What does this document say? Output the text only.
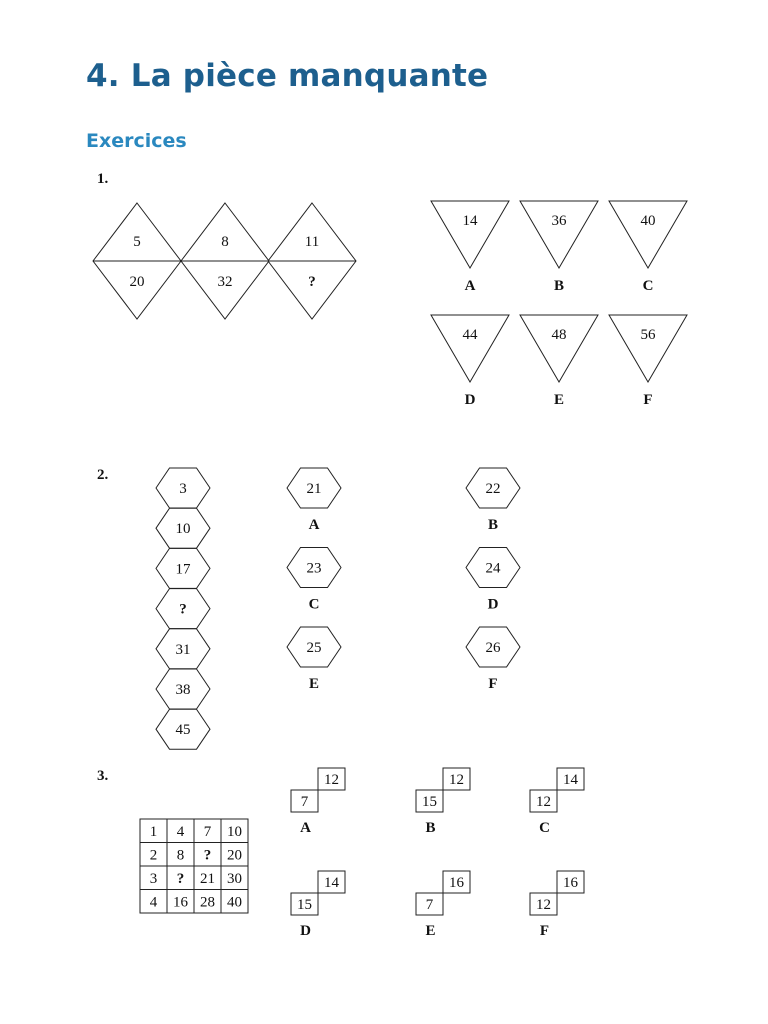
4. La pièce manquante
Exercices
1.
2.
3.
5
20
8
32
11
?
14
A
36
B
40
C
44
D
48
E
56
F
3
10
17
?
31
38
45
21
A
22
B
23
C
24
D
25
E
26
F
1 4 7 10
2 8 ? 20
3 ? 21 30
4 16 28 40
12
7
A
12
15
B
14
12
C
14
15
D
16
7
E
16
12
F
